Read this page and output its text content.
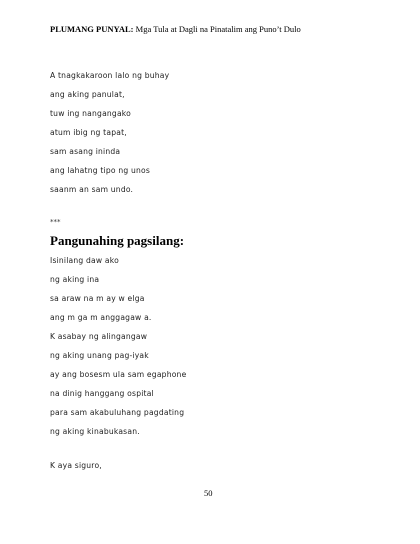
PLUMANG PUNYAL: Mga Tula at Dagli na Pinatalim ang Puno’t Dulo
A tnagkakaroon lalo ng buhay
ang aking panulat,
tuw ing nangangako
atum ibig ng tapat,
sam asang ininda
ang lahatng tipo ng unos
saanm an sam undo.
***
Pangunahing pagsilang:
Isinilang daw ako
ng aking ina
sa araw na m ay w elga
ang m ga m anggagaw a.
K asabay ng alingangaw
ng aking unang pag-iyak
ay ang bosesm ula sam egaphone
na dinig hanggang ospital
para sam akabuluhang pagdating
ng aking kinabukasan.
K aya siguro,
50
